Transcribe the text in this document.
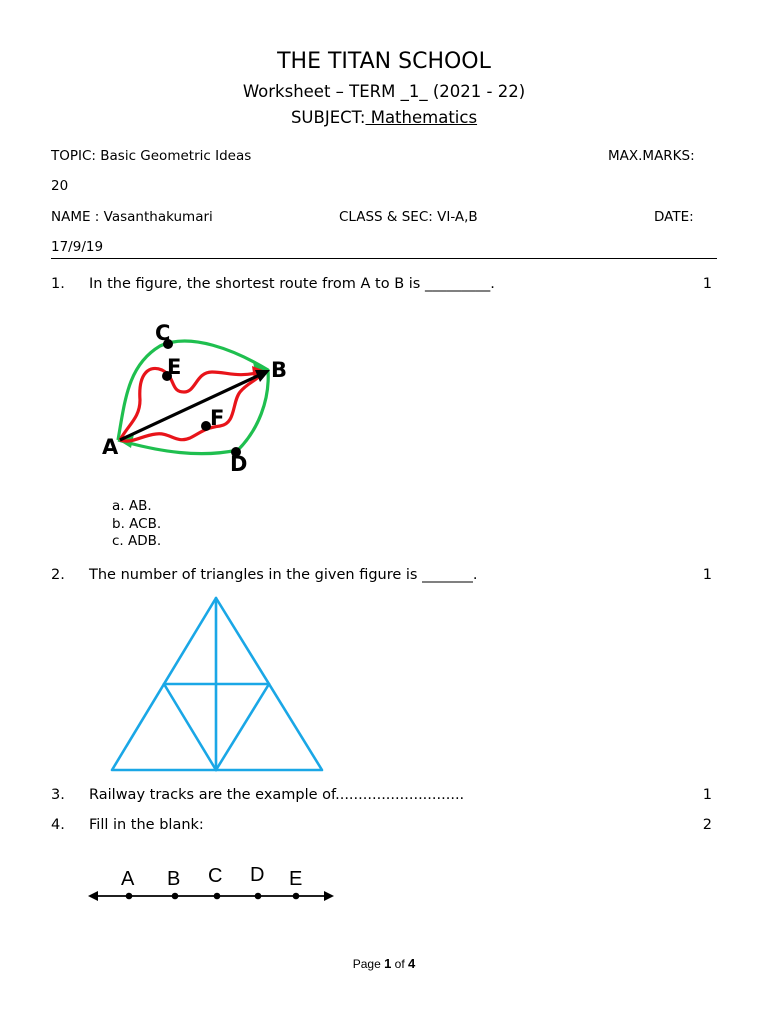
THE TITAN SCHOOL
Worksheet – TERM _1_ (2021 - 22)
SUBJECT: Mathematics
TOPIC: Basic Geometric Ideas	MAX.MARKS:
20
NAME : Vasanthakumari	CLASS & SEC: VI-A,B	DATE:
17/9/19
1. In the figure, the shortest route from A to B is _________.	1
C
E	B
F
A
D
a. AB.
b. ACB.
c. ADB.
2. The number of triangles in the given figure is _______.	1
3. Railway tracks are the example of............................	1
4. Fill in the blank:	2
A B C D E
Page 1 of 4
